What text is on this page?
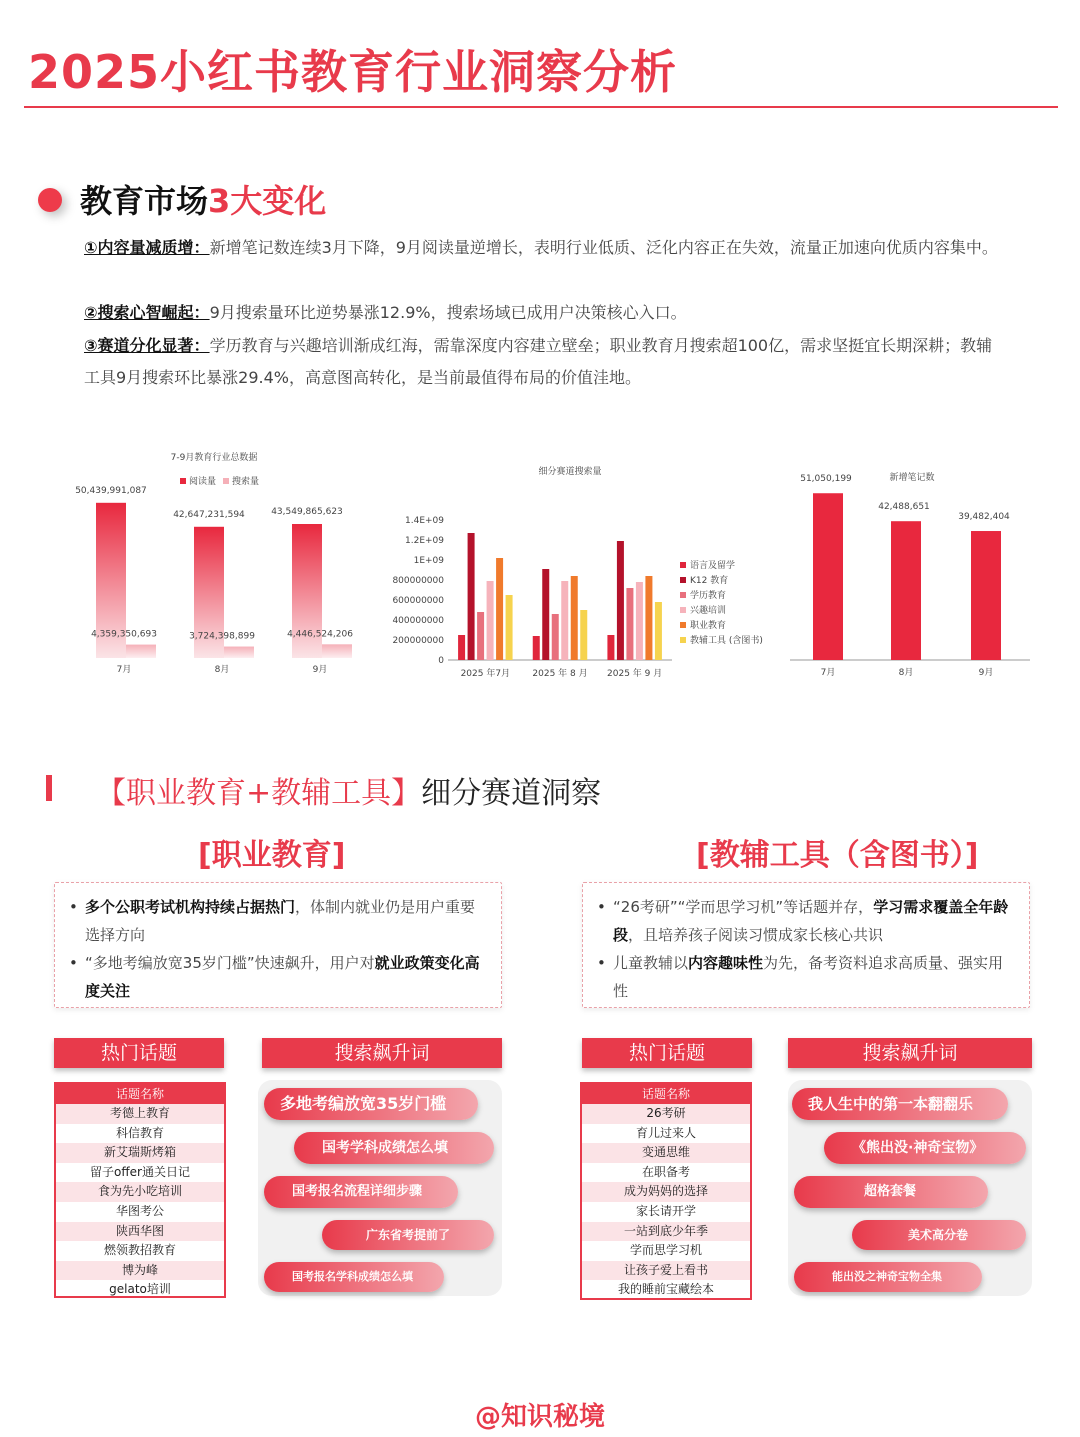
2025小红书教育行业洞察分析
教育市场3大变化
①内容量减质增：新增笔记数连续3月下降，9月阅读量逆增长，表明行业低质、泛化内容正在失效，流量正加速向优质内容集中。
②搜索心智崛起：9月搜索量环比逆势暴涨12.9%，搜索场域已成用户决策核心入口。
③赛道分化显著：学历教育与兴趣培训渐成红海，需靠深度内容建立壁垒；职业教育月搜索超100亿，需求坚挺宜长期深耕；教辅工具9月搜索环比暴涨29.4%，高意图高转化，是当前最值得布局的价值洼地。
7-9月教育行业总数据
阅读量 搜索量
50,439,991,087
4,359,350,693
7月
42,647,231,594
3,724,398,899
8月
43,549,865,623
4,446,524,206
9月
细分赛道搜索量
0
200000000
400000000
600000000
800000000
1E+09
1.2E+09
1.4E+09
2025 年7月 2025 年 8 月 2025 年 9 月
语言及留学
K12 教育
学历教育
兴趣培训
职业教育
教辅工具 (含图书)
新增笔记数
51,050,199
7月
42,488,651
8月
39,482,404
9月
【职业教育+教辅工具】细分赛道洞察
[职业教育]	[教辅工具（含图书）]
• 多个公职考试机构持续占据热门，体制内就业仍是用户重要选择方向
• “多地考编放宽35岁门槛”快速飙升，用户对就业政策变化高度关注
• “26考研”“学而思学习机”等话题并存，学习需求覆盖全年龄段，且培养孩子阅读习惯成家长核心共识
• 儿童教辅以内容趣味性为先，备考资料追求高质量、强实用性
热门话题	搜索飙升词
话题名称
考德上教育
科信教育
新艾瑞斯烤箱
留子offer通关日记
食为先小吃培训
华图考公
陕西华图
燃领教招教育
博为峰
gelato培训
多地考编放宽35岁门槛
国考学科成绩怎么填
国考报名流程详细步骤
广东省考提前了
国考报名学科成绩怎么填
热门话题	搜索飙升词
话题名称
26考研
育儿过来人
变通思维
在职备考
成为妈妈的选择
家长请开学
一站到底少年季
学而思学习机
让孩子爱上看书
我的睡前宝藏绘本
我人生中的第一本翻翻乐
《熊出没·神奇宝物》
超格套餐
美术高分卷
能出没之神奇宝物全集
@知识秘境
